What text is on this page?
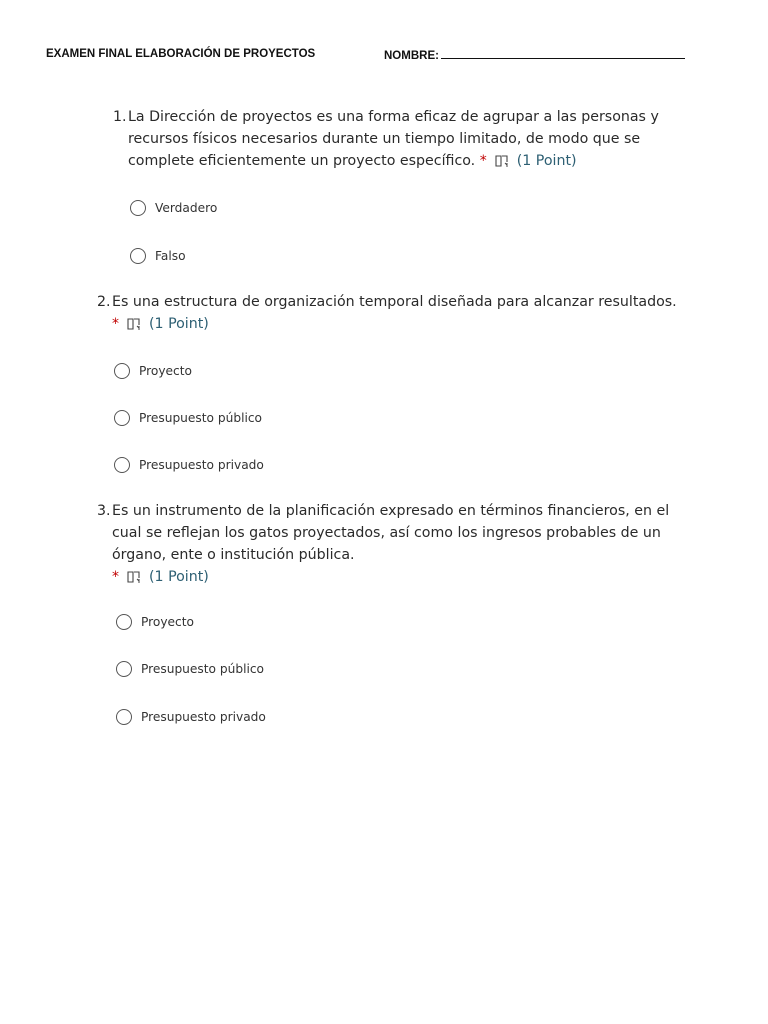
EXAMEN FINAL ELABORACIÓN DE PROYECTOS	NOMBRE:
1. La Dirección de proyectos es una forma eficaz de agrupar a las personas y
recursos físicos necesarios durante un tiempo limitado, de modo que se
complete eficientemente un proyecto específico. * (1 Point)
Verdadero
Falso
2. Es una estructura de organización temporal diseñada para alcanzar resultados.
* (1 Point)
Proyecto
Presupuesto público
Presupuesto privado
3. Es un instrumento de la planificación expresado en términos financieros, en el
cual se reflejan los gatos proyectados, así como los ingresos probables de un
órgano, ente o institución pública.
* (1 Point)
Proyecto
Presupuesto público
Presupuesto privado
